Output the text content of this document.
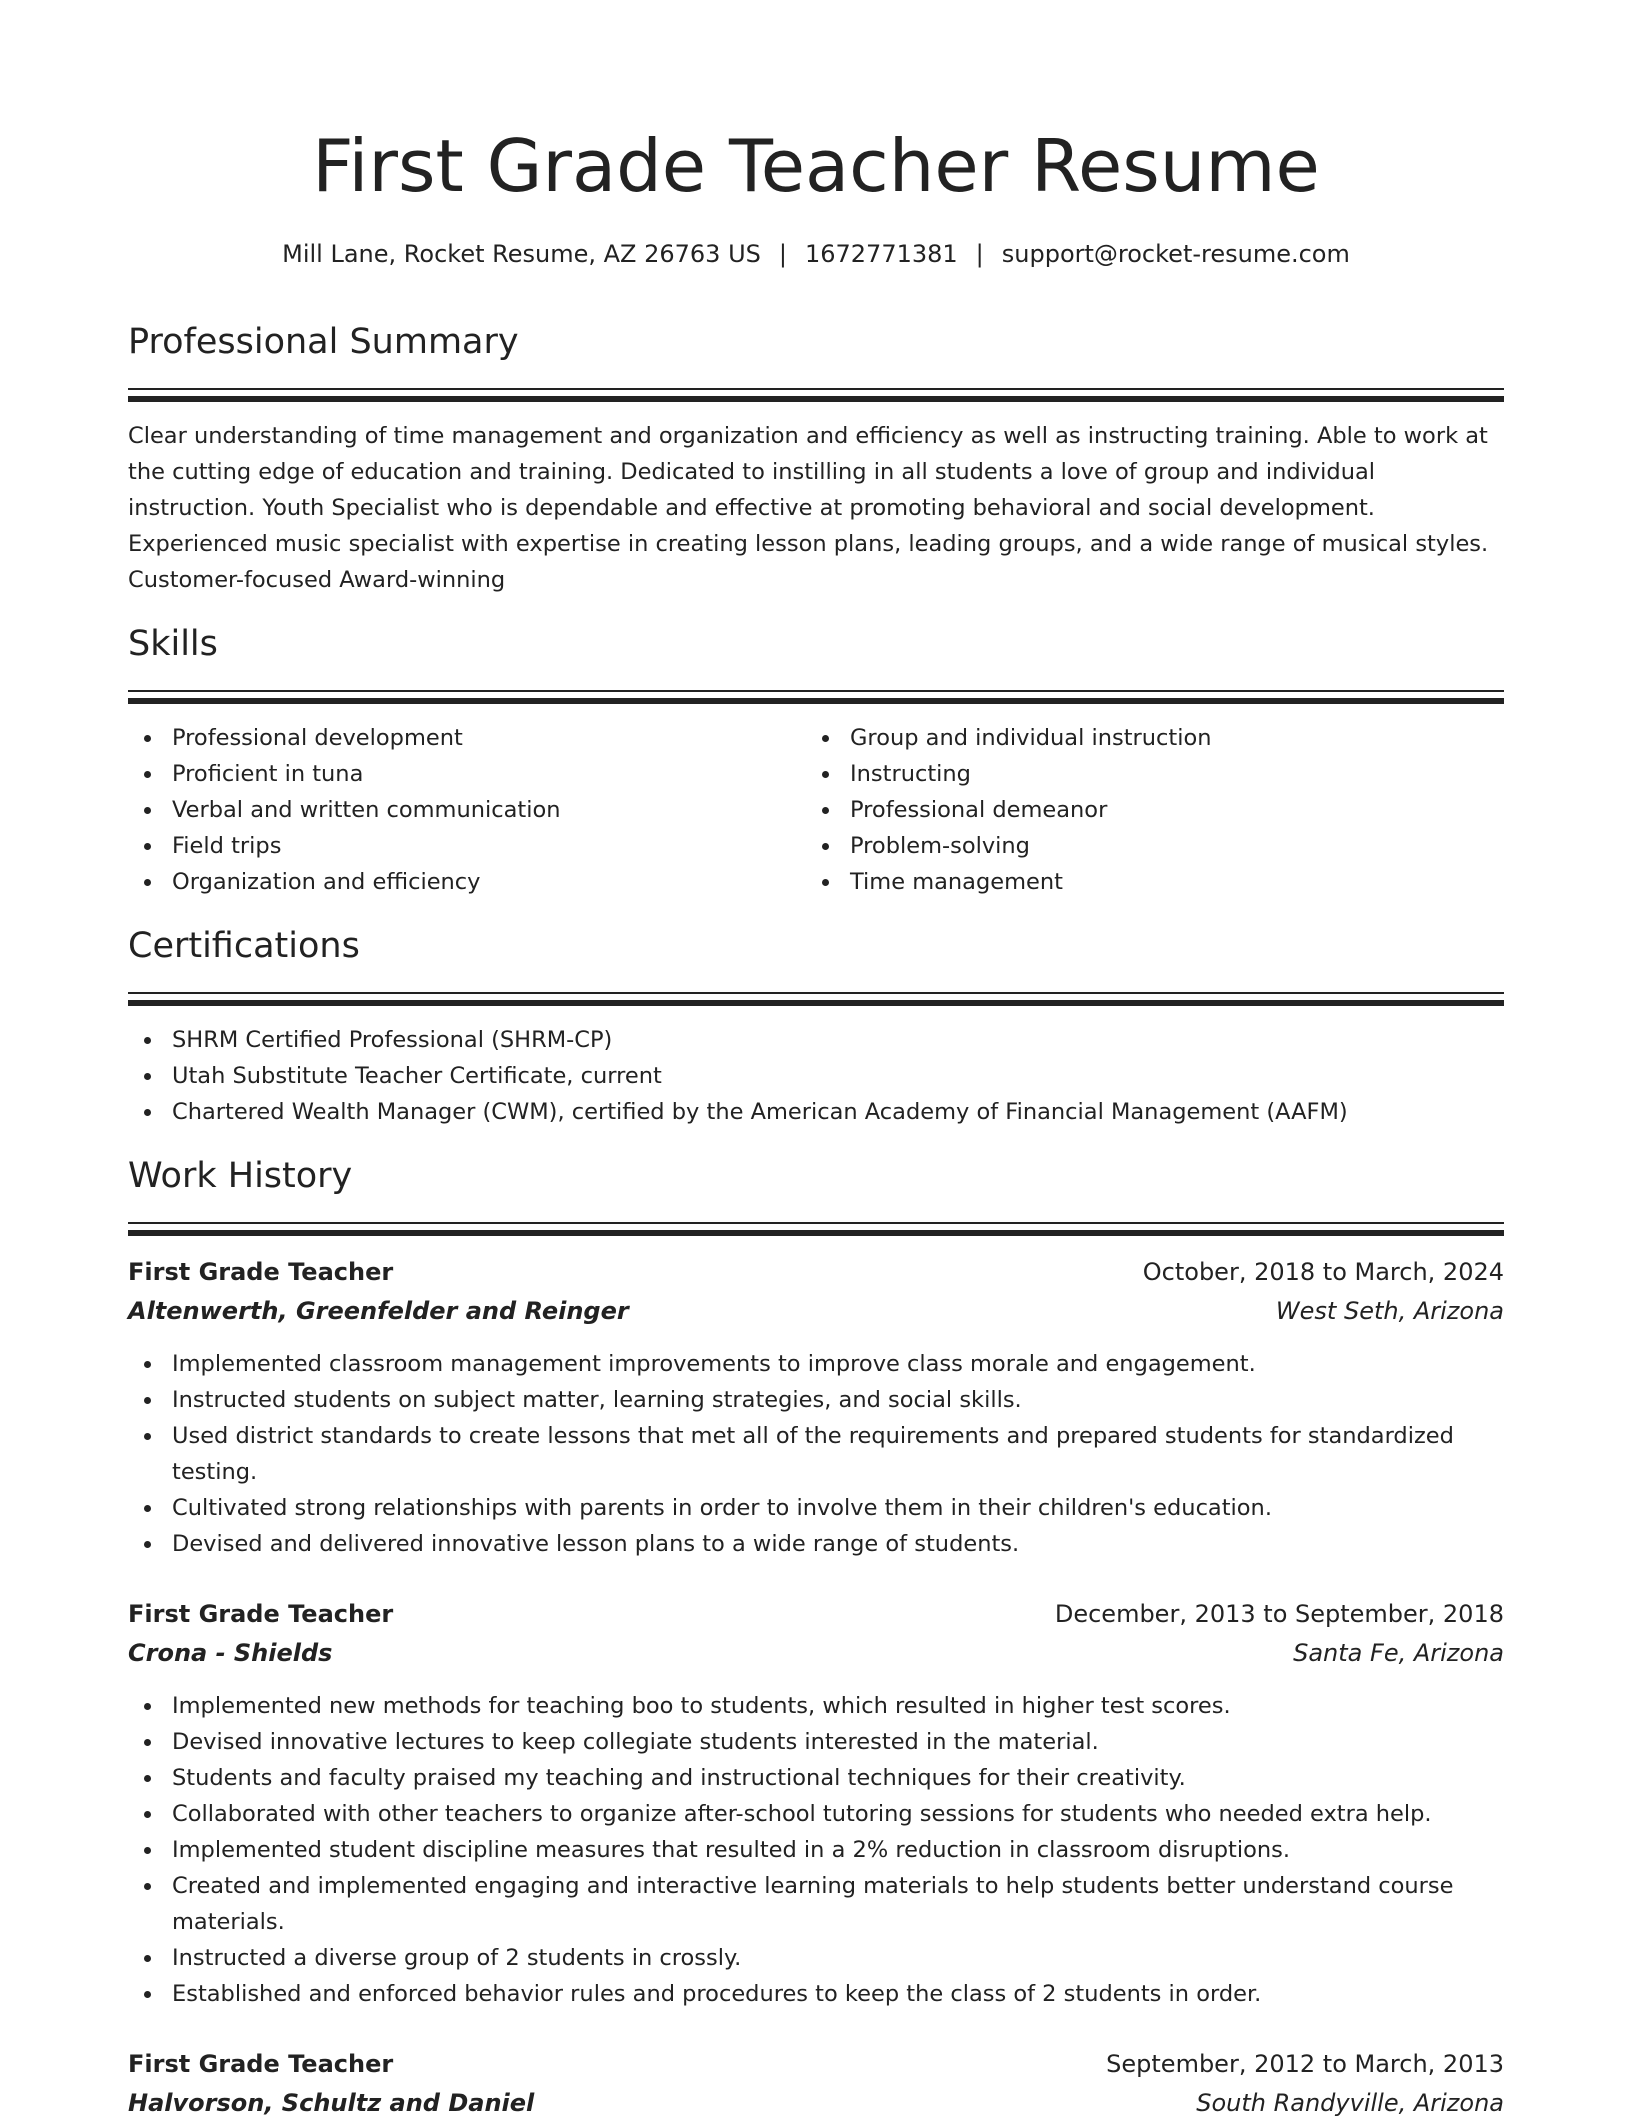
First Grade Teacher Resume
Mill Lane, Rocket Resume, AZ 26763 US | 1672771381 | support@rocket-resume.com
Professional Summary

Clear understanding of time management and organization and efficiency as well as instructing training. Able to work at the cutting edge of education and training. Dedicated to instilling in all students a love of group and individual instruction. Youth Specialist who is dependable and effective at promoting behavioral and social development. Experienced music specialist with expertise in creating lesson plans, leading groups, and a wide range of musical styles. Customer-focused Award-winning

Skills
Professional development
Proficient in tuna
Verbal and written communication
Field trips
Organization and efficiency
Group and individual instruction
Instructing
Professional demeanor
Problem-solving
Time management
Certifications
SHRM Certified Professional (SHRM-CP)
Utah Substitute Teacher Certificate, current
Chartered Wealth Manager (CWM), certified by the American Academy of Financial Management (AAFM)
Work History
First Grade Teacher	October, 2018 to March, 2024
Altenwerth, Greenfelder and Reinger	West Seth, Arizona
Implemented classroom management improvements to improve class morale and engagement.
Instructed students on subject matter, learning strategies, and social skills.
Used district standards to create lessons that met all of the requirements and prepared students for standardized testing.
Cultivated strong relationships with parents in order to involve them in their children's education.
Devised and delivered innovative lesson plans to a wide range of students.
First Grade Teacher	December, 2013 to September, 2018
Crona - Shields	Santa Fe, Arizona
Implemented new methods for teaching boo to students, which resulted in higher test scores.
Devised innovative lectures to keep collegiate students interested in the material.
Students and faculty praised my teaching and instructional techniques for their creativity.
Collaborated with other teachers to organize after-school tutoring sessions for students who needed extra help.
Implemented student discipline measures that resulted in a 2% reduction in classroom disruptions.
Created and implemented engaging and interactive learning materials to help students better understand course materials.
Instructed a diverse group of 2 students in crossly.
Established and enforced behavior rules and procedures to keep the class of 2 students in order.
First Grade Teacher	September, 2012 to March, 2013
Halvorson, Schultz and Daniel	South Randyville, Arizona
